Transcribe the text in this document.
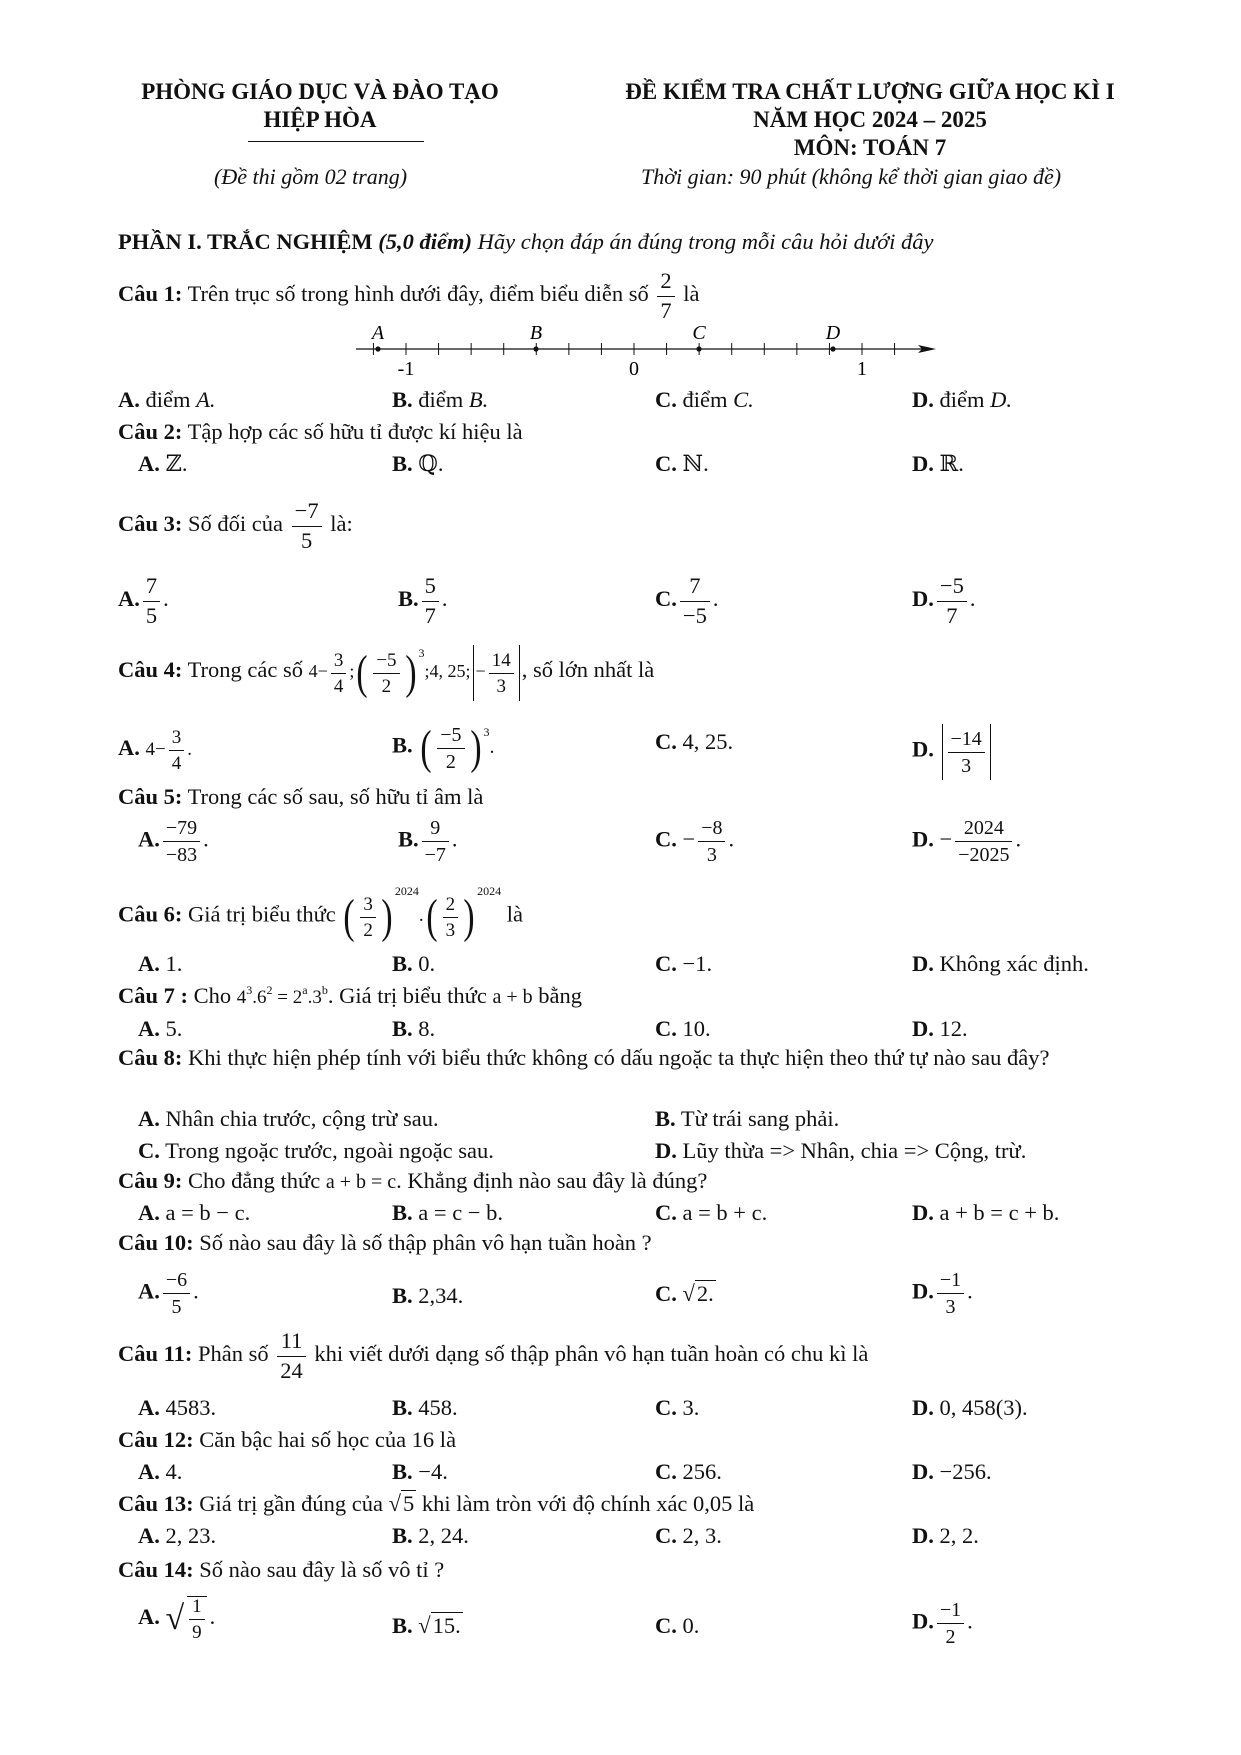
PHÒNG GIÁO DỤC VÀ ĐÀO TẠO
HIỆP HÒA
(Đề thi gồm 02 trang)
ĐỀ KIỂM TRA CHẤT LƯỢNG GIỮA HỌC KÌ I
NĂM HỌC 2024 – 2025
MÔN: TOÁN 7
Thời gian: 90 phút (không kể thời gian giao đề)
PHẦN I. TRẮC NGHIỆM (5,0 điểm) Hãy chọn đáp án đúng trong mỗi câu hỏi dưới đây
Câu 1: Trên trục số trong hình dưới đây, điểm biểu diễn số $\frac{2}{7}$ là
A	B	C	D
-1	0	1
A. điểm A.	B. điểm B.	C. điểm C.	D. điểm D.
Câu 2: Tập hợp các số hữu tỉ được kí hiệu là
A. ℤ.	B. ℚ.	C. ℕ.	D. ℝ.
Câu 3: Số đối của $\frac{-7}{5}$ là:
A. $\frac{7}{5}$ .	B. $\frac{5}{7}$ .	C. $\frac{7}{-5}$ .	D. $\frac{-5}{7}$ .
Câu 4: Trong các số $4- \frac{3}{4}$ ;( $\frac{-5}{2}$ ) $^3$;4, 25; − $\frac{14}{3}$ , số lớn nhất là
A. $4- \frac{3}{4}$ .	B. ( $\frac{-5}{2}$ ) $^3$.	C. 4, 25.	D. $\frac{-14}{3}$
Câu 5: Trong các số sau, số hữu tỉ âm là
A. $\frac{-79}{-83}$ .	B. $\frac{9}{-7}$ .	C. − $\frac{-8}{3}$ .	D. − $\frac{2024}{-2025}$ .
Câu 6: Giá trị biểu thức ( $\frac{3}{2}$ ) $^{2024}.( \frac{2}{3}$ ) $^{2024}$ là
A. 1.	B. 0.	C. −1.	D. Không xác định.
Câu 7 : Cho $4^3.6^2 = 2^a.3^b$. Giá trị biểu thức a + b bằng
A. 5.	B. 8.	C. 10.	D. 12.
Câu 8: Khi thực hiện phép tính với biểu thức không có dấu ngoặc ta thực hiện theo thứ tự nào sau đây?
A. Nhân chia trước, cộng trừ sau.	B. Từ trái sang phải.
C. Trong ngoặc trước, ngoài ngoặc sau.	D. Lũy thừa => Nhân, chia => Cộng, trừ.
Câu 9: Cho đẳng thức a + b = c. Khẳng định nào sau đây là đúng?
A. a = b − c.	B. a = c − b.	C. a = b + c.	D. a + b = c + b.
Câu 10: Số nào sau đây là số thập phân vô hạn tuần hoàn ?
A. $\frac{-6}{5}$ .	B. 2,34.	C. √2.	D. $\frac{-1}{3}$ .
Câu 11: Phân số $\frac{11}{24}$ khi viết dưới dạng số thập phân vô hạn tuần hoàn có chu kì là
A. 4583.	B. 458.	C. 3.	D. 0, 458(3).
Câu 12: Căn bậc hai số học của 16 là
A. 4.	B. −4.	C. 256.	D. −256.
Câu 13: Giá trị gần đúng của √5 khi làm tròn với độ chính xác 0,05 là
A. 2, 23.	B. 2, 24.	C. 2, 3.	D. 2, 2.
Câu 14: Số nào sau đây là số vô tỉ ?
A. √ $\frac{1}{9}$ .	B. √15.	C. 0.	D. $\frac{-1}{2}$ .
